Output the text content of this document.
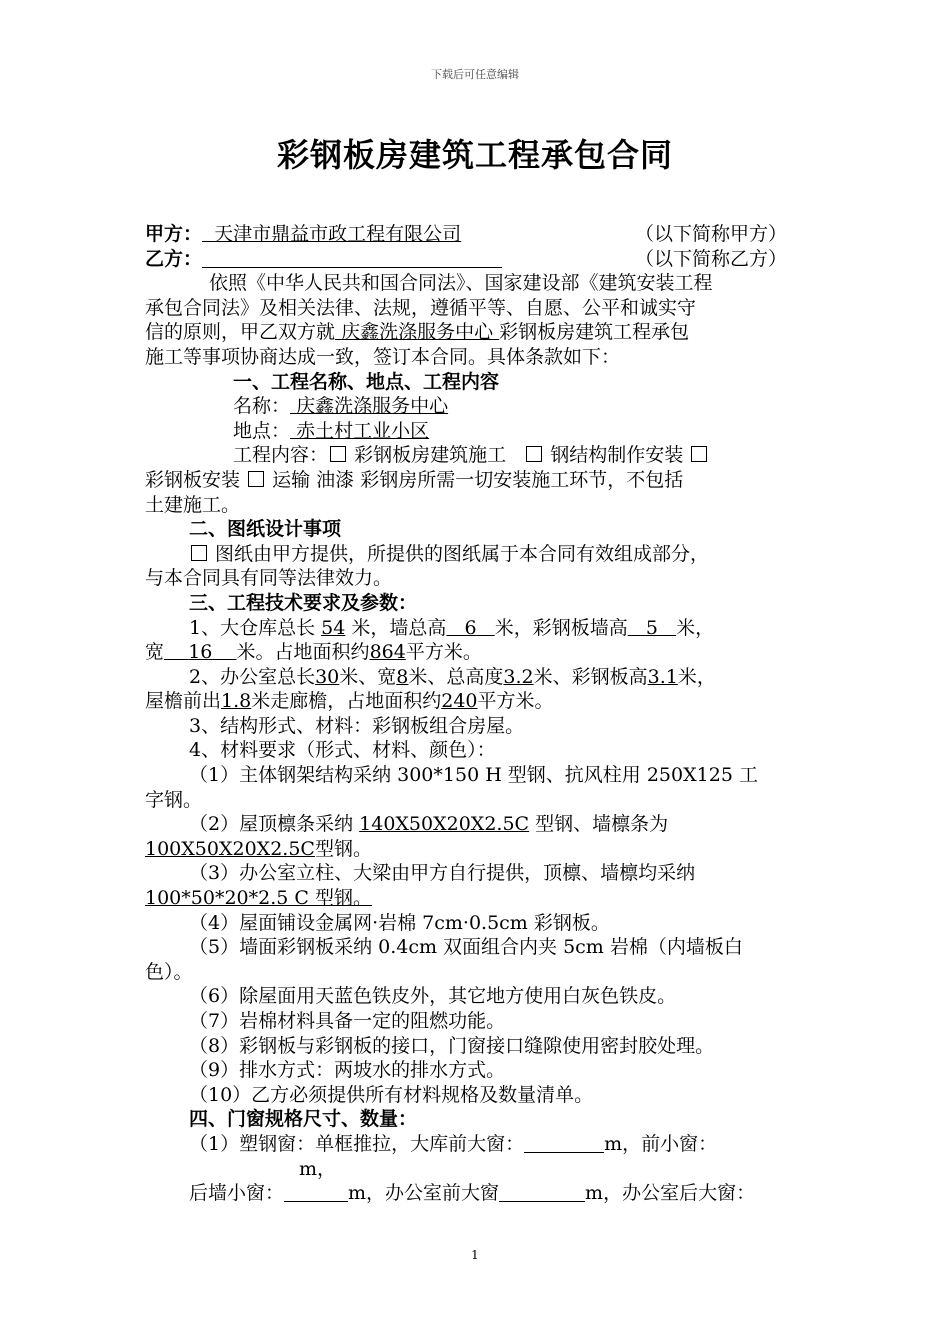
下载后可任意编辑
彩钢板房建筑工程承包合同
甲方： 天津市鼎益市政工程有限公司	（以下简称甲方）
乙方：	（以下简称乙方）
依照《中华人民共和国合同法》、国家建设部《建筑安装工程
承包合同法》及相关法律、法规，遵循平等、自愿、公平和诚实守
信的原则，甲乙双方就 庆鑫洗涤服务中心 彩钢板房建筑工程承包
施工等事项协商达成一致，签订本合同。具体条款如下：
一、工程名称、地点、工程内容
名称： 庆鑫洗涤服务中心
地点： 赤土村工业小区
工程内容： 彩钢板房建筑施工 钢结构制作安装
彩钢板安装 运输 油漆 彩钢房所需一切安装施工环节，不包括
土建施工。
二、图纸设计事项
图纸由甲方提供，所提供的图纸属于本合同有效组成部分，
与本合同具有同等法律效力。
三、工程技术要求及参数：
1、大仓库总长 54 米，墙总高 6 米，彩钢板墙高 5 米，
宽 16 米。占地面积约864平方米。
2、办公室总长30米、宽8米、总高度3.2米、彩钢板高3.1米，
屋檐前出1.8米走廊檐，占地面积约240平方米。
3、结构形式、材料：彩钢板组合房屋。
4、材料要求（形式、材料、颜色）：
（1）主体钢架结构采纳 300*150 H 型钢、抗风柱用 250X125 工
字钢。
（2）屋顶檩条采纳 140X50X20X2.5C 型钢、墙檩条为
100X50X20X2.5C型钢。
（3）办公室立柱、大梁由甲方自行提供，顶檩、墙檩均采纳
100*50*20*2.5 C 型钢。
（4）屋面铺设金属网·岩棉 7cm·0.5cm 彩钢板。
（5）墙面彩钢板采纳 0.4cm 双面组合内夹 5cm 岩棉（内墙板白
色）。
（6）除屋面用天蓝色铁皮外，其它地方使用白灰色铁皮。
（7）岩棉材料具备一定的阻燃功能。
（8）彩钢板与彩钢板的接口，门窗接口缝隙使用密封胶处理。
（9）排水方式：两坡水的排水方式。
（10）乙方必须提供所有材料规格及数量清单。
四、门窗规格尺寸、数量：
（1）塑钢窗：单框推拉，大库前大窗：	m，前小窗：
m，
后墙小窗：	m，办公室前大窗	m，办公室后大窗：
1
